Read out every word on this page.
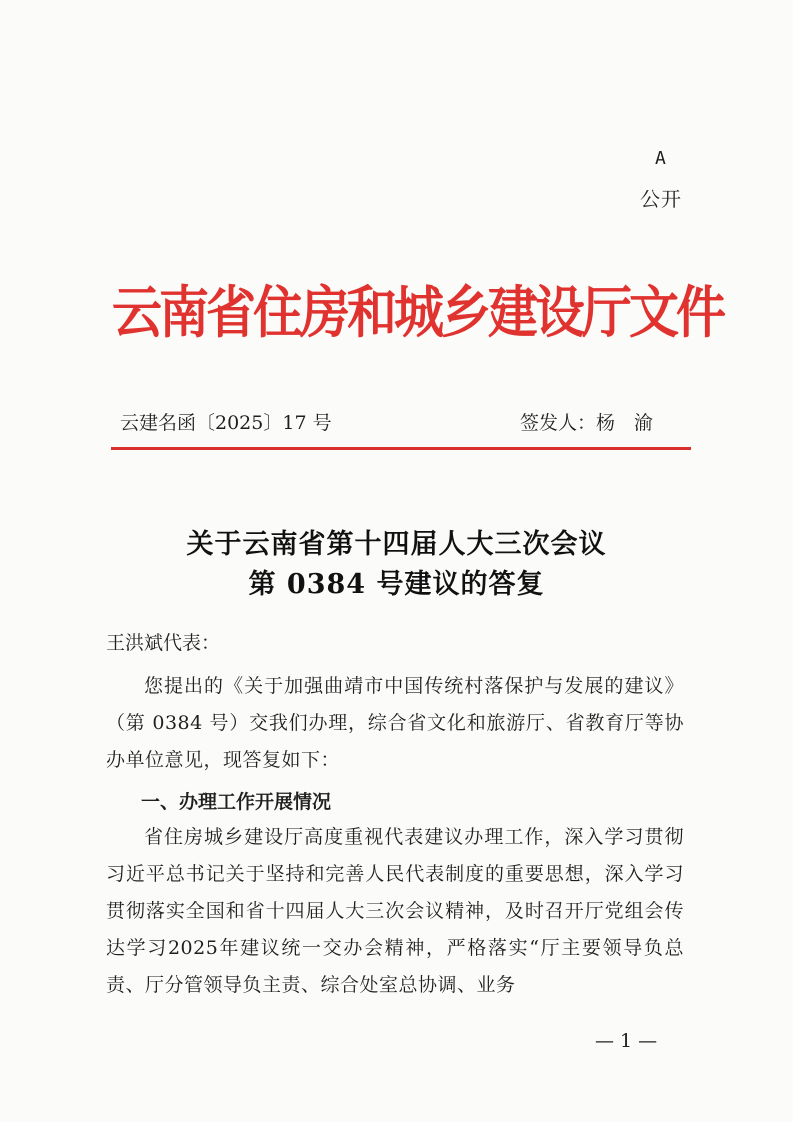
A
公开
云南省住房和城乡建设厅文件
云建名函〔2025〕17 号	签发人：杨　渝
关于云南省第十四届人大三次会议
第 0384 号建议的答复
王洪斌代表：
您提出的《关于加强曲靖市中国传统村落保护与发展的建议》（第 0384 号）交我们办理，综合省文化和旅游厅、省教育厅等协办单位意见，现答复如下：
一、办理工作开展情况
省住房城乡建设厅高度重视代表建议办理工作，深入学习贯彻习近平总书记关于坚持和完善人民代表制度的重要思想，深入学习贯彻落实全国和省十四届人大三次会议精神，及时召开厅党组会传达学习2025年建议统一交办会精神，严格落实“厅主要领导负总责、厅分管领导负主责、综合处室总协调、业务
— 1 —
